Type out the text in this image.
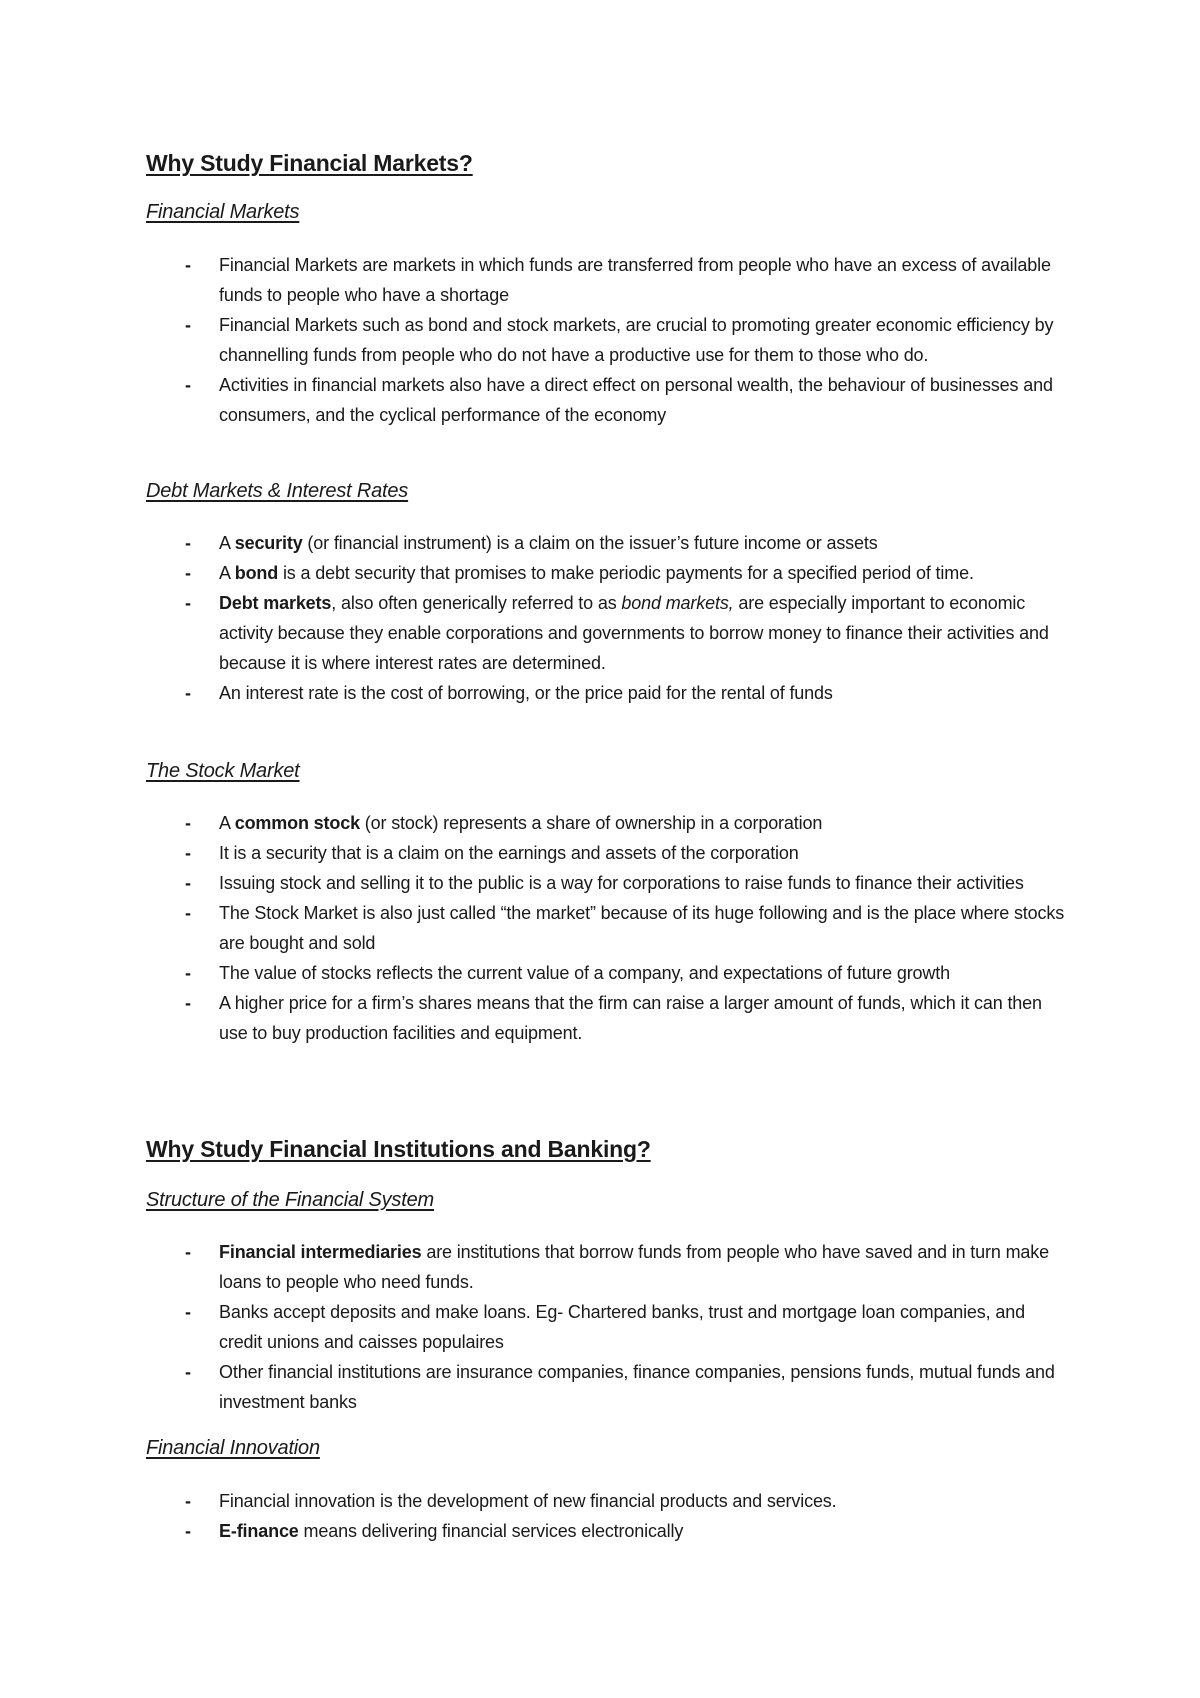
Why Study Financial Markets?
Financial Markets
- Financial Markets are markets in which funds are transferred from people who have an excess of available funds to people who have a shortage
- Financial Markets such as bond and stock markets, are crucial to promoting greater economic efficiency by channelling funds from people who do not have a productive use for them to those who do.
- Activities in financial markets also have a direct effect on personal wealth, the behaviour of businesses and consumers, and the cyclical performance of the economy
Debt Markets & Interest Rates
- A security (or financial instrument) is a claim on the issuer’s future income or assets
- A bond is a debt security that promises to make periodic payments for a specified period of time.
- Debt markets, also often generically referred to as bond markets, are especially important to economic activity because they enable corporations and governments to borrow money to finance their activities and because it is where interest rates are determined.
- An interest rate is the cost of borrowing, or the price paid for the rental of funds
The Stock Market
- A common stock (or stock) represents a share of ownership in a corporation
- It is a security that is a claim on the earnings and assets of the corporation
- Issuing stock and selling it to the public is a way for corporations to raise funds to finance their activities
- The Stock Market is also just called “the market” because of its huge following and is the place where stocks are bought and sold
- The value of stocks reflects the current value of a company, and expectations of future growth
- A higher price for a firm’s shares means that the firm can raise a larger amount of funds, which it can then use to buy production facilities and equipment.
Why Study Financial Institutions and Banking?
Structure of the Financial System
- Financial intermediaries are institutions that borrow funds from people who have saved and in turn make loans to people who need funds.
- Banks accept deposits and make loans. Eg- Chartered banks, trust and mortgage loan companies, and credit unions and caisses populaires
- Other financial institutions are insurance companies, finance companies, pensions funds, mutual funds and investment banks
Financial Innovation
- Financial innovation is the development of new financial products and services.
- E-finance means delivering financial services electronically
